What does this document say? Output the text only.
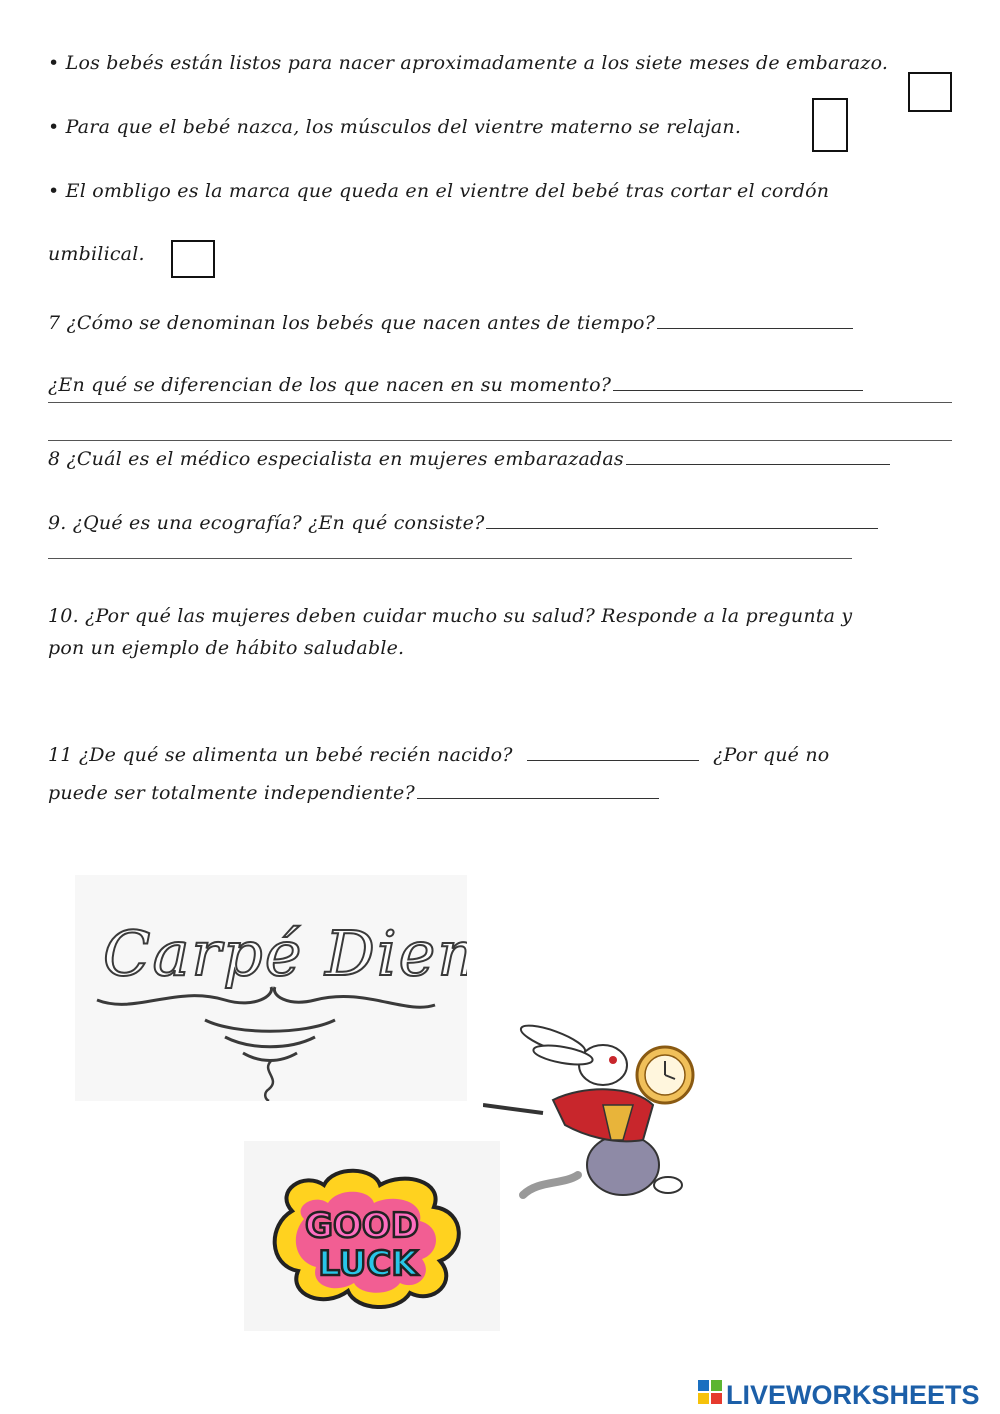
• Los bebés están listos para nacer aproximadamente a los siete meses de embarazo.
• Para que el bebé nazca, los músculos del vientre materno se relajan.
• El ombligo es la marca que queda en el vientre del bebé tras cortar el cordón
umbilical.
7 ¿Cómo se denominan los bebés que nacen antes de tiempo?
¿En qué se diferencian de los que nacen en su momento?
8 ¿Cuál es el médico especialista en mujeres embarazadas
9. ¿Qué es una ecografía? ¿En qué consiste?
10. ¿Por qué las mujeres deben cuidar mucho su salud? Responde a la pregunta y
pon un ejemplo de hábito saludable.
11 ¿De qué se alimenta un bebé recién nacido?	¿Por qué no
puede ser totalmente independiente?
Carpé Diem
GOOD
LUCK
LIVEWORKSHEETS
